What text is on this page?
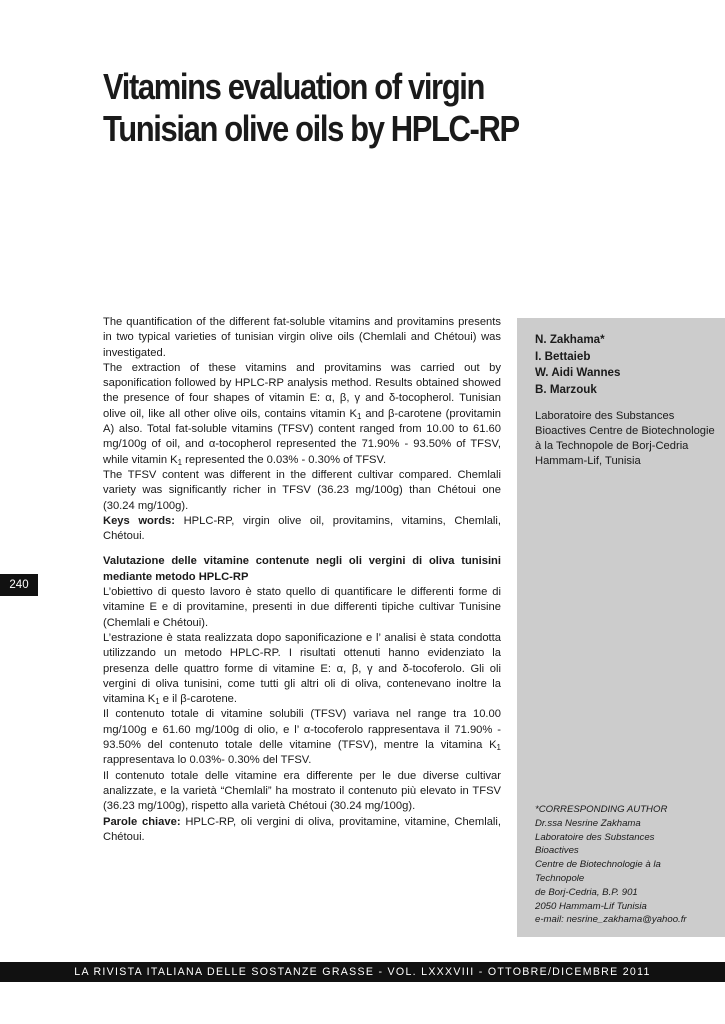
Vitamins evaluation of virgin
Tunisian olive oils by HPLC-RP

The quantification of the different fat-soluble vitamins and provitamins presents in two typical varieties of tunisian virgin olive oils (Chemlali and Chétoui) was investigated.

The extraction of these vitamins and provitamins was carried out by saponification followed by HPLC-RP analysis method. Results obtained showed the presence of four shapes of vitamin E: α, β, γ and δ-tocopherol. Tunisian olive oil, like all other olive oils, contains vitamin $K_1$ and β-carotene (provitamin A) also. Total fat-soluble vitamins (TFSV) content ranged from 10.00 to 61.60 mg/100g of oil, and α-tocopherol represented the 71.90% - 93.50% of TFSV, while vitamin $K_1$ represented the 0.03% - 0.30% of TFSV.

The TFSV content was different in the different cultivar compared. Chemlali variety was significantly richer in TFSV (36.23 mg/100g) than Chétoui one (30.24 mg/100g).

Keys words: HPLC-RP, virgin olive oil, provitamins, vitamins, Chemlali, Chétoui.

Valutazione delle vitamine contenute negli oli vergini di oliva tunisini mediante metodo HPLC-RP

L’obiettivo di questo lavoro è stato quello di quantificare le differenti forme di vitamine E e di provitamine, presenti in due differenti tipiche cultivar Tunisine (Chemlali e Chétoui).

L’estrazione è stata realizzata dopo saponificazione e l’ analisi è stata condotta utilizzando un metodo HPLC-RP. I risultati ottenuti hanno evidenziato la presenza delle quattro forme di vitamine E: α, β, γ and δ-tocoferolo. Gli oli vergini di oliva tunisini, come tutti gli altri oli di oliva, contenevano inoltre la vitamina $K_1$ e il β-carotene.

Il contenuto totale di vitamine solubili (TFSV) variava nel range tra 10.00 mg/100g e 61.60 mg/100g di olio, e l’ α-tocoferolo rappresentava il 71.90% - 93.50% del contenuto totale delle vitamine (TFSV), mentre la vitamina $K_1$ rappresentava lo 0.03%- 0.30% del TFSV.

Il contenuto totale delle vitamine era differente per le due diverse cultivar analizzate, e la varietà “Chemlali” ha mostrato il contenuto più elevato in TFSV (36.23 mg/100g), rispetto alla varietà Chétoui (30.24 mg/100g).

Parole chiave: HPLC-RP, oli vergini di oliva, provitamine, vitamine, Chemlali, Chétoui.

N. Zakhama*
I. Bettaieb
W. Aidi Wannes
B. Marzouk
Laboratoire des Substances Bioactives Centre de Biotechnologie à la Technopole de Borj-Cedria Hammam-Lif, Tunisia
*CORRESPONDING AUTHOR
Dr.ssa Nesrine Zakhama
Laboratoire des Substances
Bioactives
Centre de Biotechnologie à la
Technopole
de Borj-Cedria, B.P. 901
2050 Hammam-Lif Tunisia
e-mail: nesrine_zakhama@yahoo.fr
240
LA RIVISTA ITALIANA DELLE SOSTANZE GRASSE - VOL. LXXXVIII - OTTOBRE/DICEMBRE 2011
